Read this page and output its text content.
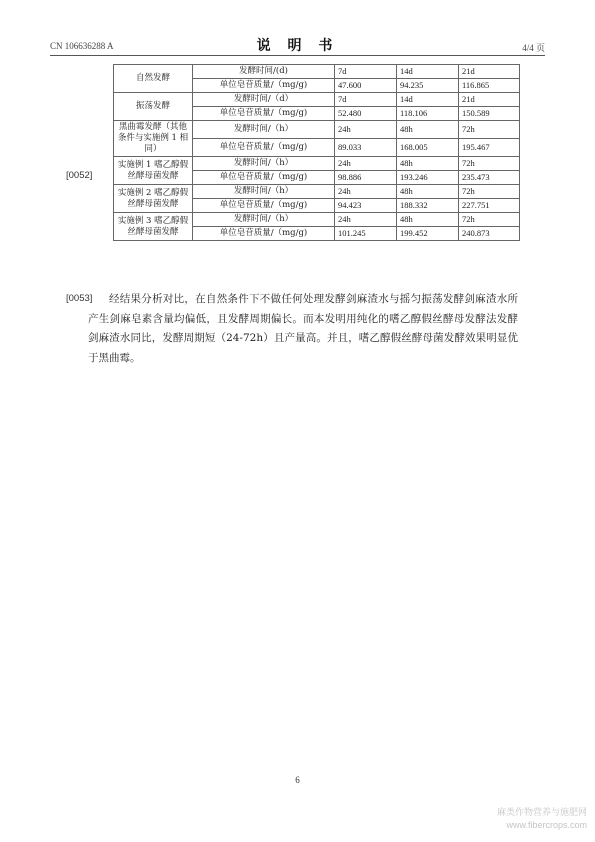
CN 106636288 A	说 明 书	4/4 页
[0052]
自然发酵	发酵时间/(d)	7d	14d	21d
	单位皂苷质量/（mg/g)	47.600	94.235	116.865
振荡发酵	发酵时间/（d）	7d	14d	21d
	单位皂苷质量/（mg/g)	52.480	118.106	150.589
黑曲霉发酵（其他条件与实施例 1 相同）	发酵时间/（h）	24h	48h	72h
	单位皂苷质量/（mg/g)	89.033	168.005	195.467
实施例 1 嗜乙醇假丝酵母菌发酵	发酵时间/（h）	24h	48h	72h
	单位皂苷质量/（mg/g)	98.886	193.246	235.473
实施例 2 嗜乙醇假丝酵母菌发酵	发酵时间/（h）	24h	48h	72h
	单位皂苷质量/（mg/g)	94.423	188.332	227.751
实施例 3 嗜乙醇假丝酵母菌发酵	发酵时间/（h）	24h	48h	72h
	单位皂苷质量/（mg/g)	101.245	199.452	240.873
[0053]	经结果分析对比，在自然条件下不做任何处理发酵剑麻渣水与摇匀振荡发酵剑麻渣水所产生剑麻皂素含量均偏低，且发酵周期偏长。而本发明用纯化的嗜乙醇假丝酵母发酵法发酵剑麻渣水同比，发酵周期短（24-72h）且产量高。并且，嗜乙醇假丝酵母菌发酵效果明显优于黑曲霉。
6
麻类作物营养与施肥网
www.fibercrops.com
